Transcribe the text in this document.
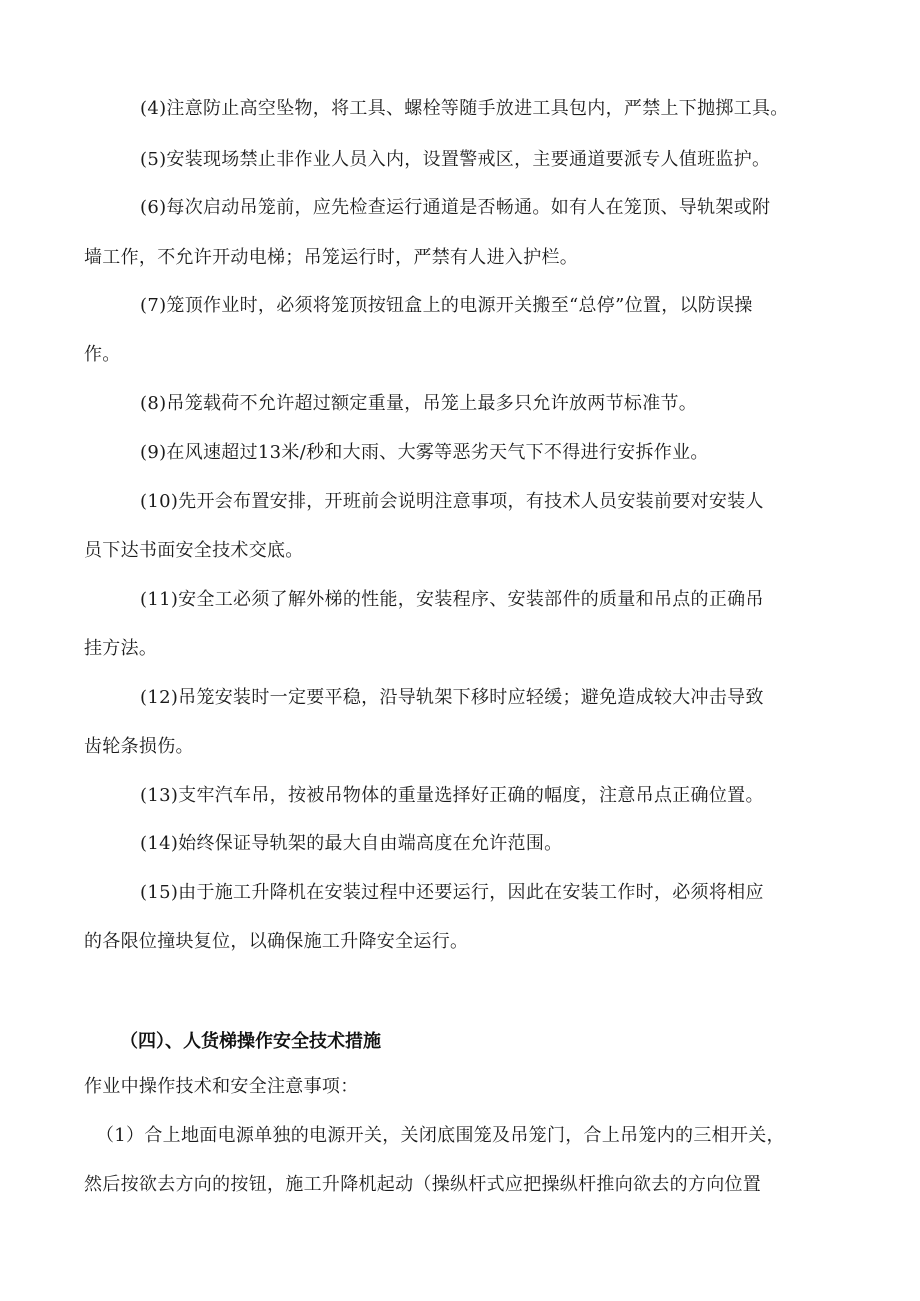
(4)注意防止高空坠物，将工具、螺栓等随手放进工具包内，严禁上下抛掷工具。
(5)安装现场禁止非作业人员入内，设置警戒区，主要通道要派专人值班监护。
(6)每次启动吊笼前，应先检查运行通道是否畅通。如有人在笼顶、导轨架或附
墙工作，不允许开动电梯；吊笼运行时，严禁有人进入护栏。
(7)笼顶作业时，必须将笼顶按钮盒上的电源开关搬至“总停”位置，以防误操
作。
(8)吊笼载荷不允许超过额定重量，吊笼上最多只允许放两节标准节。
(9)在风速超过13米/秒和大雨、大雾等恶劣天气下不得进行安拆作业。
(10)先开会布置安排，开班前会说明注意事项，有技术人员安装前要对安装人
员下达书面安全技术交底。
(11)安全工必须了解外梯的性能，安装程序、安装部件的质量和吊点的正确吊
挂方法。
(12)吊笼安装时一定要平稳，沿导轨架下移时应轻缓；避免造成较大冲击导致
齿轮条损伤。
(13)支牢汽车吊，按被吊物体的重量选择好正确的幅度，注意吊点正确位置。
(14)始终保证导轨架的最大自由端高度在允许范围。
(15)由于施工升降机在安装过程中还要运行，因此在安装工作时，必须将相应
的各限位撞块复位，以确保施工升降安全运行。
（四）、人货梯操作安全技术措施
作业中操作技术和安全注意事项：
（1）合上地面电源单独的电源开关，关闭底围笼及吊笼门，合上吊笼内的三相开关，
然后按欲去方向的按钮，施工升降机起动（操纵杆式应把操纵杆推向欲去的方向位置
